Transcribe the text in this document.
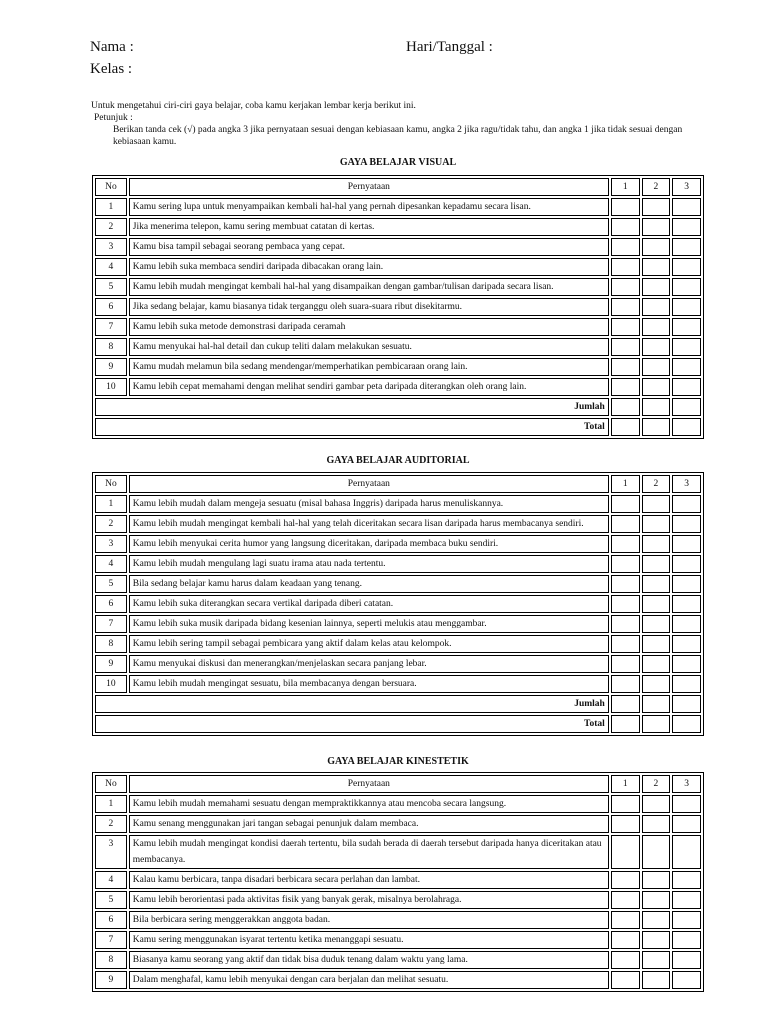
Nama :
Kelas :
Hari/Tanggal :
Untuk mengetahui ciri-ciri gaya belajar, coba kamu kerjakan lembar kerja berikut ini.
Petunjuk :
Berikan tanda cek (√) pada angka 3 jika pernyataan sesuai dengan kebiasaan kamu, angka 2 jika ragu/tidak tahu, dan angka 1 jika tidak sesuai dengan kebiasaan kamu.
GAYA BELAJAR VISUAL
No	Pernyataan	1	2	3
1	Kamu sering lupa untuk menyampaikan kembali hal-hal yang pernah dipesankan kepadamu secara lisan.			
2	Jika menerima telepon, kamu sering membuat catatan di kertas.			
3	Kamu bisa tampil sebagai seorang pembaca yang cepat.			
4	Kamu lebih suka membaca sendiri daripada dibacakan orang lain.			
5	Kamu lebih mudah mengingat kembali hal-hal yang disampaikan dengan gambar/tulisan daripada secara lisan.			
6	Jika sedang belajar, kamu biasanya tidak terganggu oleh suara-suara ribut disekitarmu.			
7	Kamu lebih suka metode demonstrasi daripada ceramah			
8	Kamu menyukai hal-hal detail dan cukup teliti dalam melakukan sesuatu.			
9	Kamu mudah melamun bila sedang mendengar/memperhatikan pembicaraan orang lain.			
10	Kamu lebih cepat memahami dengan melihat sendiri gambar peta daripada diterangkan oleh orang lain.			
Jumlah				
Total				
GAYA BELAJAR AUDITORIAL
No	Pernyataan	1	2	3
1	Kamu lebih mudah dalam mengeja sesuatu (misal bahasa Inggris) daripada harus menuliskannya.			
2	Kamu lebih mudah mengingat kembali hal-hal yang telah diceritakan secara lisan daripada harus membacanya sendiri.			
3	Kamu lebih menyukai cerita humor yang langsung diceritakan, daripada membaca buku sendiri.			
4	Kamu lebih mudah mengulang lagi suatu irama atau nada tertentu.			
5	Bila sedang belajar kamu harus dalam keadaan yang tenang.			
6	Kamu lebih suka diterangkan secara vertikal daripada diberi catatan.			
7	Kamu lebih suka musik daripada bidang kesenian lainnya, seperti melukis atau menggambar.			
8	Kamu lebih sering tampil sebagai pembicara yang aktif dalam kelas atau kelompok.			
9	Kamu menyukai diskusi dan menerangkan/menjelaskan secara panjang lebar.			
10	Kamu lebih mudah mengingat sesuatu, bila membacanya dengan bersuara.			
Jumlah				
Total				
GAYA BELAJAR KINESTETIK
No	Pernyataan	1	2	3
1	Kamu lebih mudah memahami sesuatu dengan mempraktikkannya atau mencoba secara langsung.			
2	Kamu senang menggunakan jari tangan sebagai penunjuk dalam membaca.			
3	Kamu lebih mudah mengingat kondisi daerah tertentu, bila sudah berada di daerah tersebut daripada hanya diceritakan atau membacanya.			
4	Kalau kamu berbicara, tanpa disadari berbicara secara perlahan dan lambat.			
5	Kamu lebih berorientasi pada aktivitas fisik yang banyak gerak, misalnya berolahraga.			
6	Bila berbicara sering menggerakkan anggota badan.			
7	Kamu sering menggunakan isyarat tertentu ketika menanggapi sesuatu.			
8	Biasanya kamu seorang yang aktif dan tidak bisa duduk tenang dalam waktu yang lama.			
9	Dalam menghafal, kamu lebih menyukai dengan cara berjalan dan melihat sesuatu.			
